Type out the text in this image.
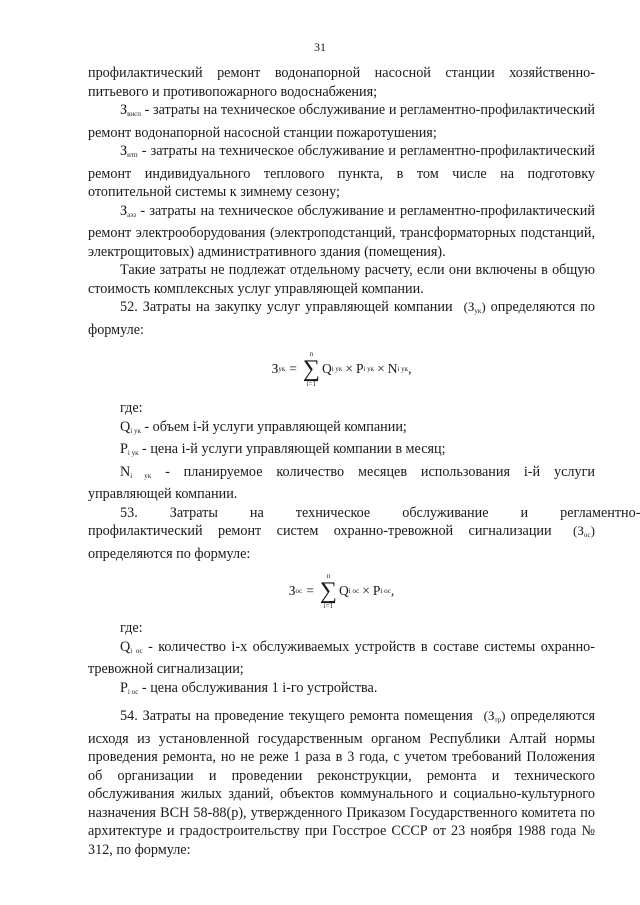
31

профилактический ремонт водонапорной насосной станции хозяйственно-питьевого и противопожарного водоснабжения;

$З_{внсп}$ - затраты на техническое обслуживание и регламентно-профилактический ремонт водонапорной насосной станции пожаротушения;

$З_{итп}$ - затраты на техническое обслуживание и регламентно-профилактический ремонт индивидуального теплового пункта, в том числе на подготовку отопительной системы к зимнему сезону;

$З_{аэз}$ - затраты на техническое обслуживание и регламентно-профилактический ремонт электрооборудования (электроподстанций, трансформаторных подстанций, электрощитовых) административного здания (помещения).

Такие затраты не подлежат отдельному расчету, если они включены в общую стоимость комплексных услуг управляющей компании.

52. Затраты на закупку услуг управляющей компании $(З_{ук})$ определяются по формуле:

З ук =
n
∑
i=1
Q i ук × P i ук × N i ук ,

где:

$Q_{i ук}$ - объем i-й услуги управляющей компании;

$P_{i ук}$ - цена i-й услуги управляющей компании в месяц;

$N_{i ук}$ - планируемое количество месяцев использования i-й услуги управляющей компании.

53.	Затраты	на	техническое	обслуживание	и	регламентно-

профилактический ремонт систем охранно-тревожной сигнализации $(З_{ос})$ определяются по формуле:

З ос =
n
∑
i=1
Q i ос × P i ос ,

где:

$Q_{i ос}$ - количество i-х обслуживаемых устройств в составе системы охранно-тревожной сигнализации;

$P_{i ос}$ - цена обслуживания 1 i-го устройства.

54. Затраты на проведение текущего ремонта помещения $(З_{тр})$ определяются исходя из установленной государственным органом Республики Алтай нормы проведения ремонта, но не реже 1 раза в 3 года, с учетом требований Положения об организации и проведении реконструкции, ремонта и технического обслуживания жилых зданий, объектов коммунального и социально-культурного назначения ВСН 58-88(р), утвержденного Приказом Государственного комитета по архитектуре и градостроительству при Госстрое СССР от 23 ноября 1988 года № 312, по формуле:
